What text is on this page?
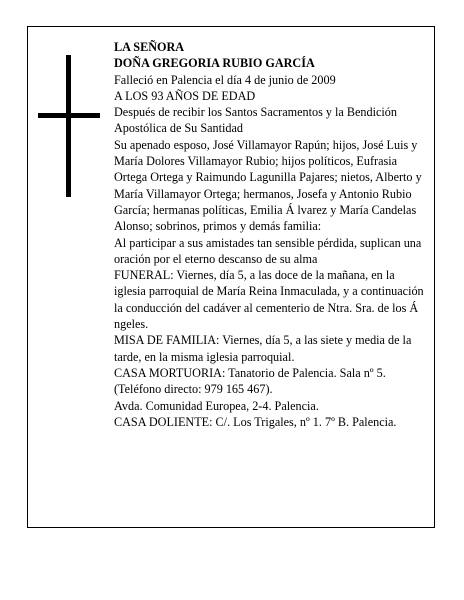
LA SEÑORA
DOÑA GREGORIA RUBIO GARCÍA
Falleció en Palencia el día 4 de junio de 2009
A LOS 93 AÑOS DE EDAD
Después de recibir los Santos Sacramentos y la Bendición Apostólica de Su Santidad
Su apenado esposo, José Villamayor Rapún; hijos, José Luis y María Dolores Villamayor Rubio; hijos políticos, Eufrasia Ortega Ortega y Raimundo Lagunilla Pajares; nietos, Alberto y María Villamayor Ortega; hermanos, Josefa y Antonio Rubio García; hermanas políticas, Emilia Á lvarez y María Candelas Alonso; sobrinos, primos y demás familia:
Al participar a sus amistades tan sensible pérdida, suplican una oración por el eterno descanso de su alma
FUNERAL: Viernes, día 5, a las doce de la mañana, en la iglesia parroquial de María Reina Inmaculada, y a continuación la conducción del cadáver al cementerio de Ntra. Sra. de los Á ngeles.
MISA DE FAMILIA: Viernes, día 5, a las siete y media de la tarde, en la misma iglesia parroquial.
CASA MORTUORIA: Tanatorio de Palencia. Sala nº 5. (Teléfono directo: 979 165 467).
Avda. Comunidad Europea, 2-4. Palencia.
CASA DOLIENTE: C/. Los Trigales, nº 1. 7º B. Palencia.
